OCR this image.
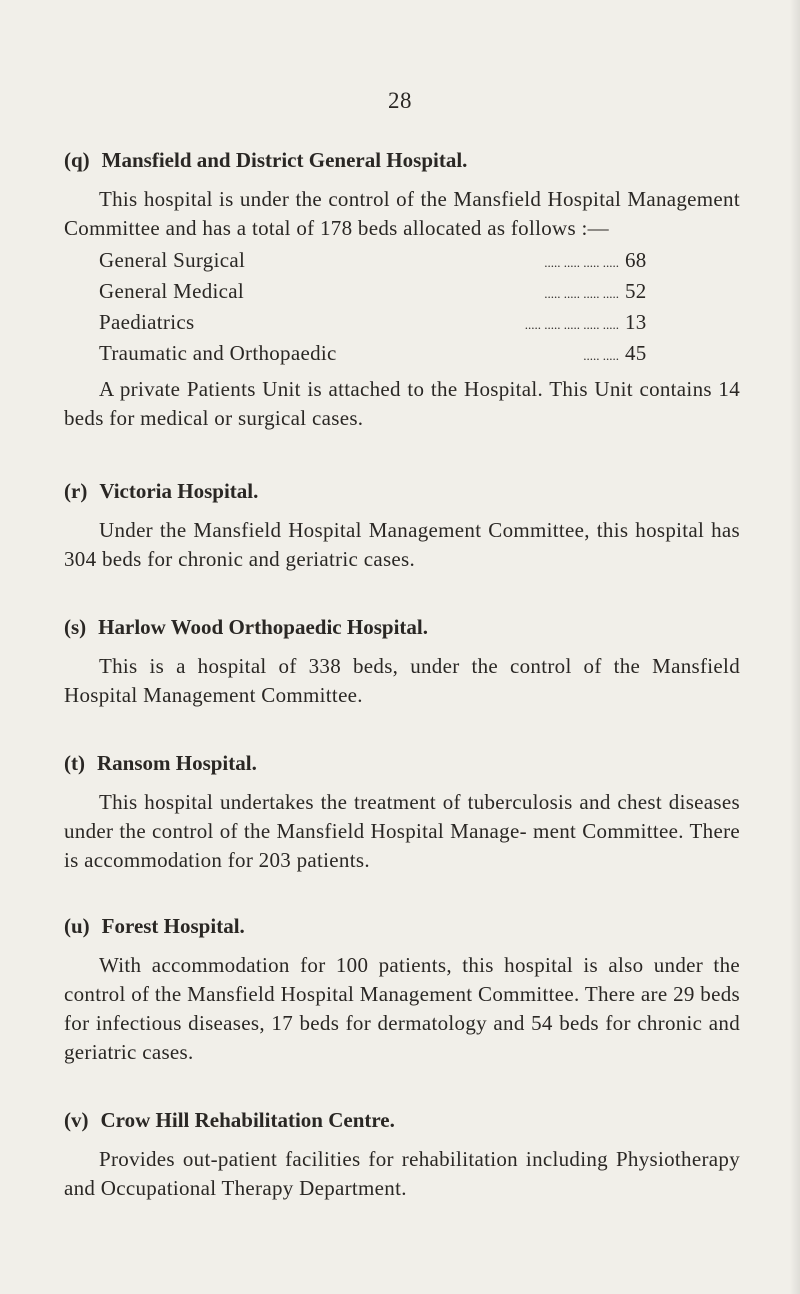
28
(q) Mansfield and District General Hospital.
This hospital is under the control of the Mansfield Hospital Management Committee and has a total of 178 beds allocated as follows :—
General Surgical	..... ..... ..... ..... 68
General Medical	..... ..... ..... ..... 52
Paediatrics	..... ..... ..... ..... ..... 13
Traumatic and Orthopaedic	..... ..... 45
A private Patients Unit is attached to the Hospital. This Unit contains 14 beds for medical or surgical cases.
(r) Victoria Hospital.
Under the Mansfield Hospital Management Committee, this hospital has 304 beds for chronic and geriatric cases.
(s) Harlow Wood Orthopaedic Hospital.
This is a hospital of 338 beds, under the control of the Mansfield Hospital Management Committee.
(t) Ransom Hospital.
This hospital undertakes the treatment of tuberculosis and chest diseases under the control of the Mansfield Hospital Manage- ment Committee. There is accommodation for 203 patients.
(u) Forest Hospital.
With accommodation for 100 patients, this hospital is also under the control of the Mansfield Hospital Management Committee. There are 29 beds for infectious diseases, 17 beds for dermatology and 54 beds for chronic and geriatric cases.
(v) Crow Hill Rehabilitation Centre.
Provides out-patient facilities for rehabilitation including Physiotherapy and Occupational Therapy Department.
